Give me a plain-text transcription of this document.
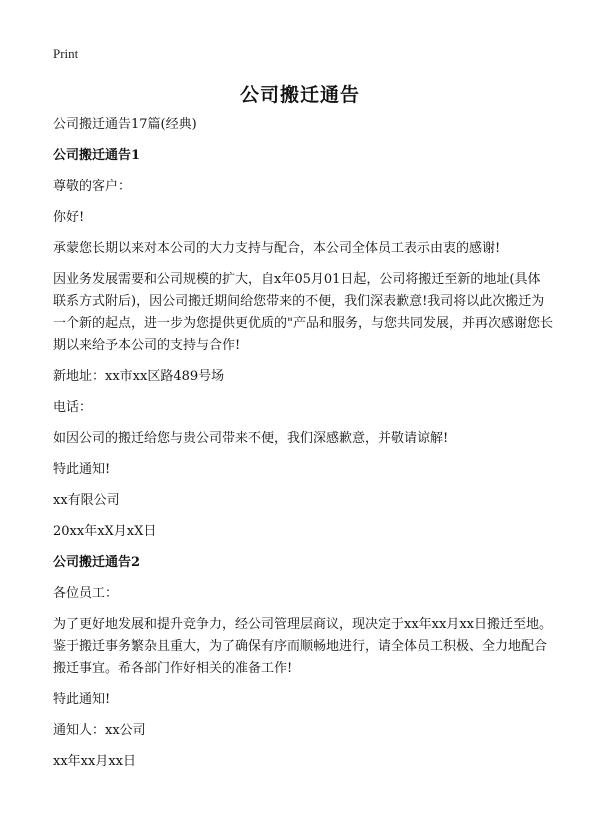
Print
公司搬迁通告

公司搬迁通告17篇(经典)

公司搬迁通告1

尊敬的客户：

你好!

承蒙您长期以来对本公司的大力支持与配合，本公司全体员工表示由衷的感谢!

因业务发展需要和公司规模的扩大，自x年05月01日起，公司将搬迁至新的地址(具体联系方式附后)，因公司搬迁期间给您带来的不便，我们深表歉意!我司将以此次搬迁为一个新的起点，进一步为您提供更优质的"产品和服务，与您共同发展，并再次感谢您长期以来给予本公司的支持与合作!

新地址：xx市xx区路489号场

电话：

如因公司的搬迁给您与贵公司带来不便，我们深感歉意，并敬请谅解!

特此通知!

xx有限公司

20xx年xX月xX日

公司搬迁通告2

各位员工：

为了更好地发展和提升竞争力，经公司管理层商议，现决定于xx年xx月xx日搬迁至地。鉴于搬迁事务繁杂且重大，为了确保有序而顺畅地进行，请全体员工积极、全力地配合搬迁事宜。希各部门作好相关的准备工作!

特此通知!

通知人：xx公司

xx年xx月xx日
